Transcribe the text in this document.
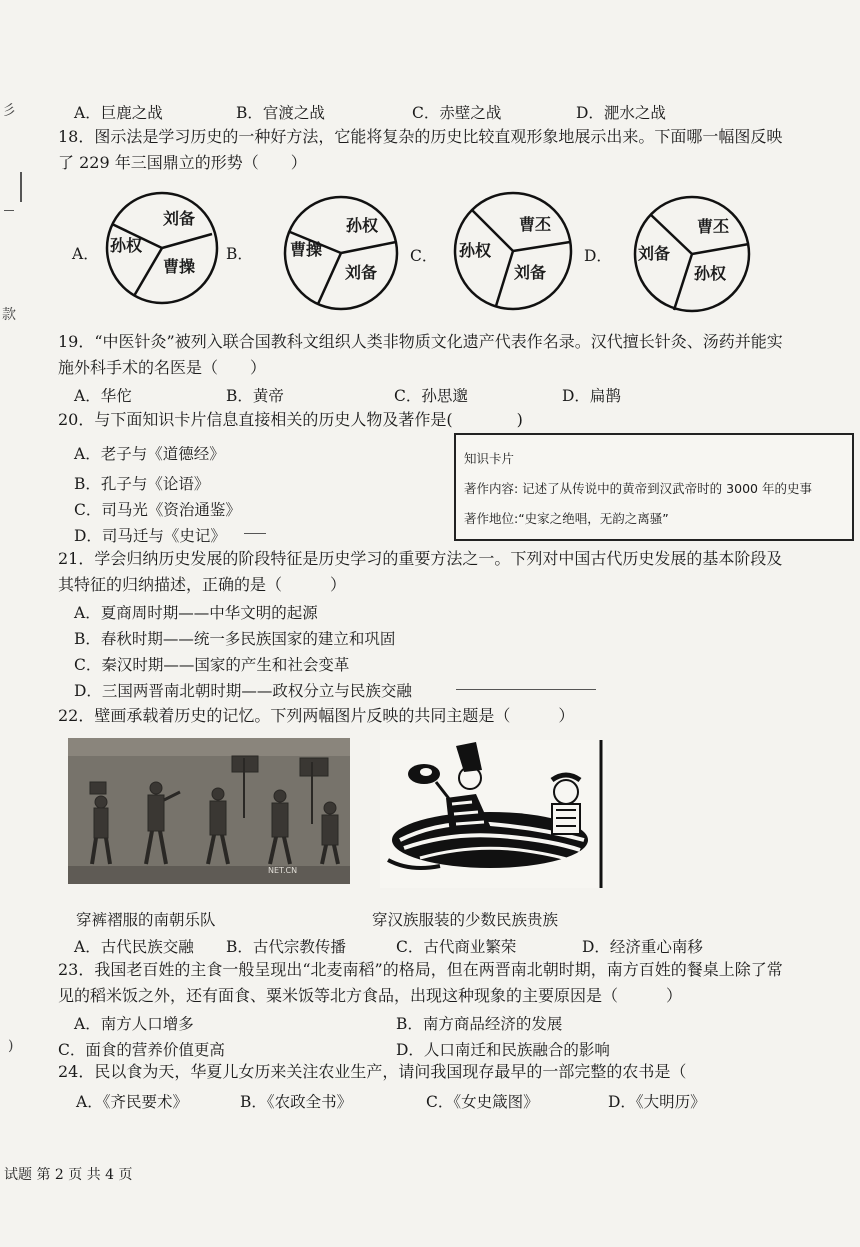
彡
款
)
A．巨鹿之战	B．官渡之战	C．赤壁之战	D．淝水之战
18．图示法是学习历史的一种好方法，它能将复杂的历史比较直观形象地展示出来。下面哪一幅图反映
了 229 年三国鼎立的形势（　　）
A．
刘备
孙权
曹操
B．
孙权
曹操
刘备
C．
曹丕
孙权
刘备
D．
曹丕
刘备
孙权
19．“中医针灸”被列入联合国教科文组织人类非物质文化遗产代表作名录。汉代擅长针灸、汤药并能实
施外科手术的名医是（　　）
A．华佗	B．黄帝	C．孙思邈	D．扁鹊
20．与下面知识卡片信息直接相关的历史人物及著作是(　　　　)
A．老子与《道德经》
B．孔子与《论语》
C．司马光《资治通鉴》
D．司马迁与《史记》
知识卡片
著作内容: 记述了从传说中的黄帝到汉武帝时的 3000 年的史事
著作地位:“史家之绝唱，无韵之离骚”
21．学会归纳历史发展的阶段特征是历史学习的重要方法之一。下列对中国古代历史发展的基本阶段及
其特征的归纳描述，正确的是（　　　）
A．夏商周时期——中华文明的起源
B．春秋时期——统一多民族国家的建立和巩固
C．秦汉时期——国家的产生和社会变革
D．三国两晋南北朝时期——政权分立与民族交融
22．壁画承载着历史的记忆。下列两幅图片反映的共同主题是（　　　）
NET.CN
穿裤褶服的南朝乐队	穿汉族服装的少数民族贵族
A．古代民族交融 B．古代宗教传播	C．古代商业繁荣	D．经济重心南移
23．我国老百姓的主食一般呈现出“北麦南稻”的格局，但在两晋南北朝时期，南方百姓的餐桌上除了常
见的稻米饭之外，还有面食、粟米饭等北方食品，出现这种现象的主要原因是（　　　）
A．南方人口增多	B．南方商品经济的发展
C．面食的营养价值更高	D．人口南迁和民族融合的影响
24．民以食为天，华夏儿女历来关注农业生产，请问我国现存最早的一部完整的农书是（
A．《齐民要术》	B．《农政全书》	C．《女史箴图》	D．《大明历》
试题 第 2 页 共 4 页
